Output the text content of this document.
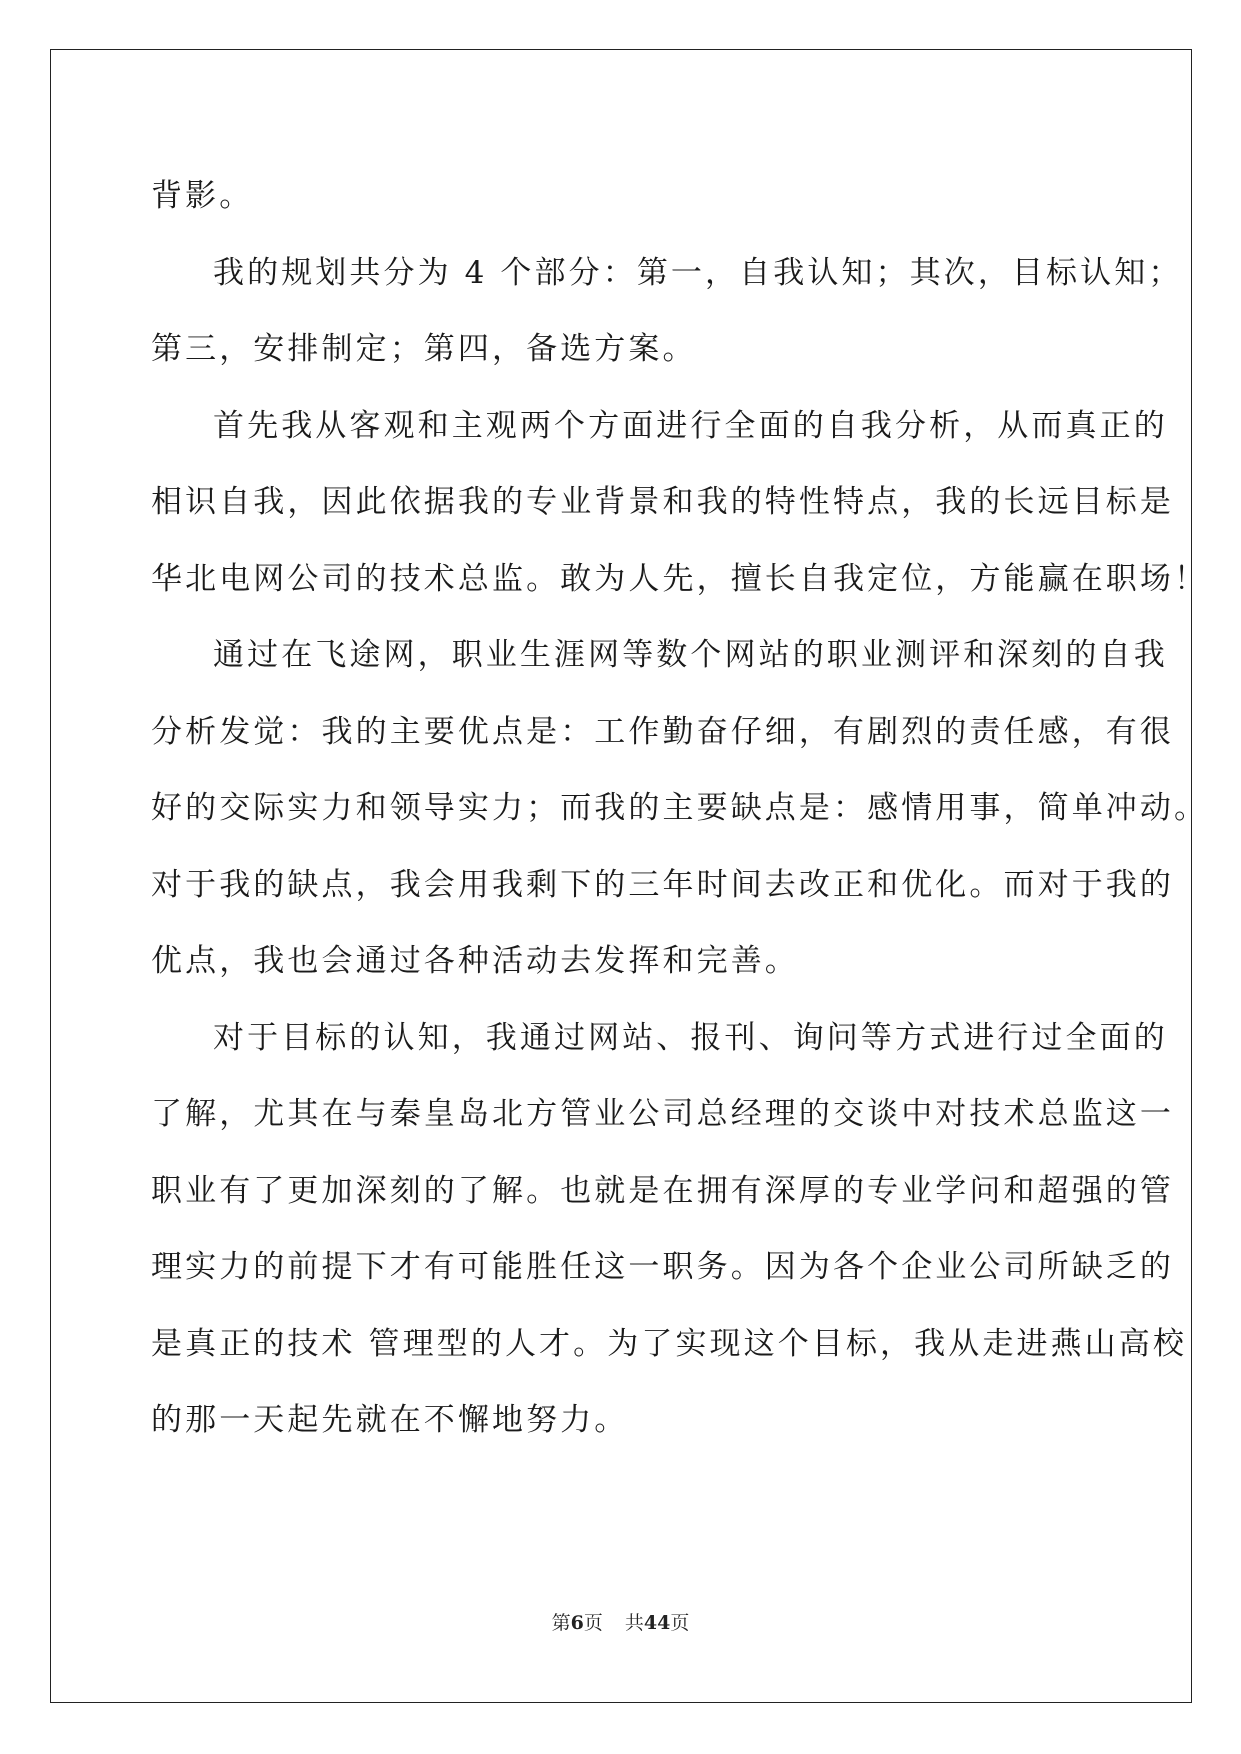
背影。
我的规划共分为 4 个部分：第一，自我认知；其次，目标认知；
第三，安排制定；第四，备选方案。
首先我从客观和主观两个方面进行全面的自我分析，从而真正的
相识自我，因此依据我的专业背景和我的特性特点，我的长远目标是
华北电网公司的技术总监。敢为人先，擅长自我定位，方能赢在职场！
通过在飞途网，职业生涯网等数个网站的职业测评和深刻的自我
分析发觉：我的主要优点是：工作勤奋仔细，有剧烈的责任感，有很
好的交际实力和领导实力；而我的主要缺点是：感情用事，简单冲动。
对于我的缺点，我会用我剩下的三年时间去改正和优化。而对于我的
优点，我也会通过各种活动去发挥和完善。
对于目标的认知，我通过网站、报刊、询问等方式进行过全面的
了解，尤其在与秦皇岛北方管业公司总经理的交谈中对技术总监这一
职业有了更加深刻的了解。也就是在拥有深厚的专业学问和超强的管
理实力的前提下才有可能胜任这一职务。因为各个企业公司所缺乏的
是真正的技术 管理型的人才。为了实现这个目标，我从走进燕山高校
的那一天起先就在不懈地努力。
第6页 共44页
